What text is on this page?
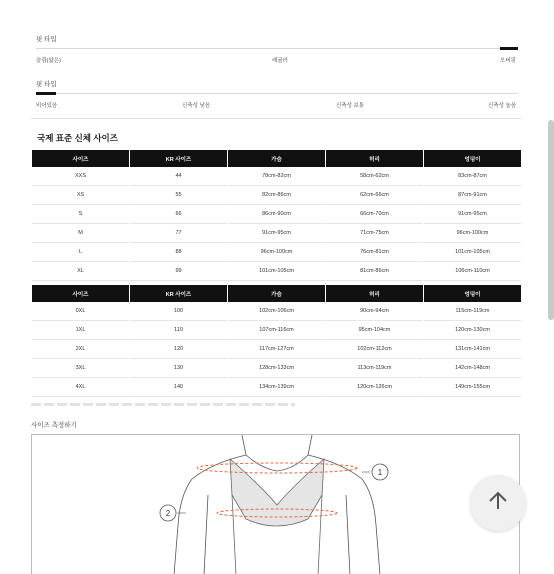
핏 타입
슬림(얇은)	레귤러	오버핏
핏 타입
비어있음	신축성 낮음	신축성 보통	신축성 높음
국제 표준 신체 사이즈
사이즈	KR 사이즈	가슴	허리	엉덩이
XXS	44	78cm-82cm	58cm-62cm	83cm-87cm
XS	55	82cm-86cm	62cm-66cm	87cm-91cm
S	66	86cm-90cm	66cm-70cm	91cm-95cm
M	77	91cm-95cm	71cm-75cm	96cm-100cm
L	88	96cm-100cm	76cm-81cm	101cm-105cm
XL	99	101cm-105cm	81cm-86cm	106cm-110cm
사이즈	KR 사이즈	가슴	허리	엉덩이
0XL	100	102cm-106cm	90cm-94cm	115cm-119cm
1XL	110	107cm-116cm	95cm-104cm	120cm-130cm
2XL	120	117cm-127cm	102cm-112cm	131cm-141cm
3XL	130	128cm-133cm	113cm-119cm	142cm-148cm
4XL	140	134cm-139cm	120cm-126cm	149cm-155cm
사이즈 측정하기
1
2
